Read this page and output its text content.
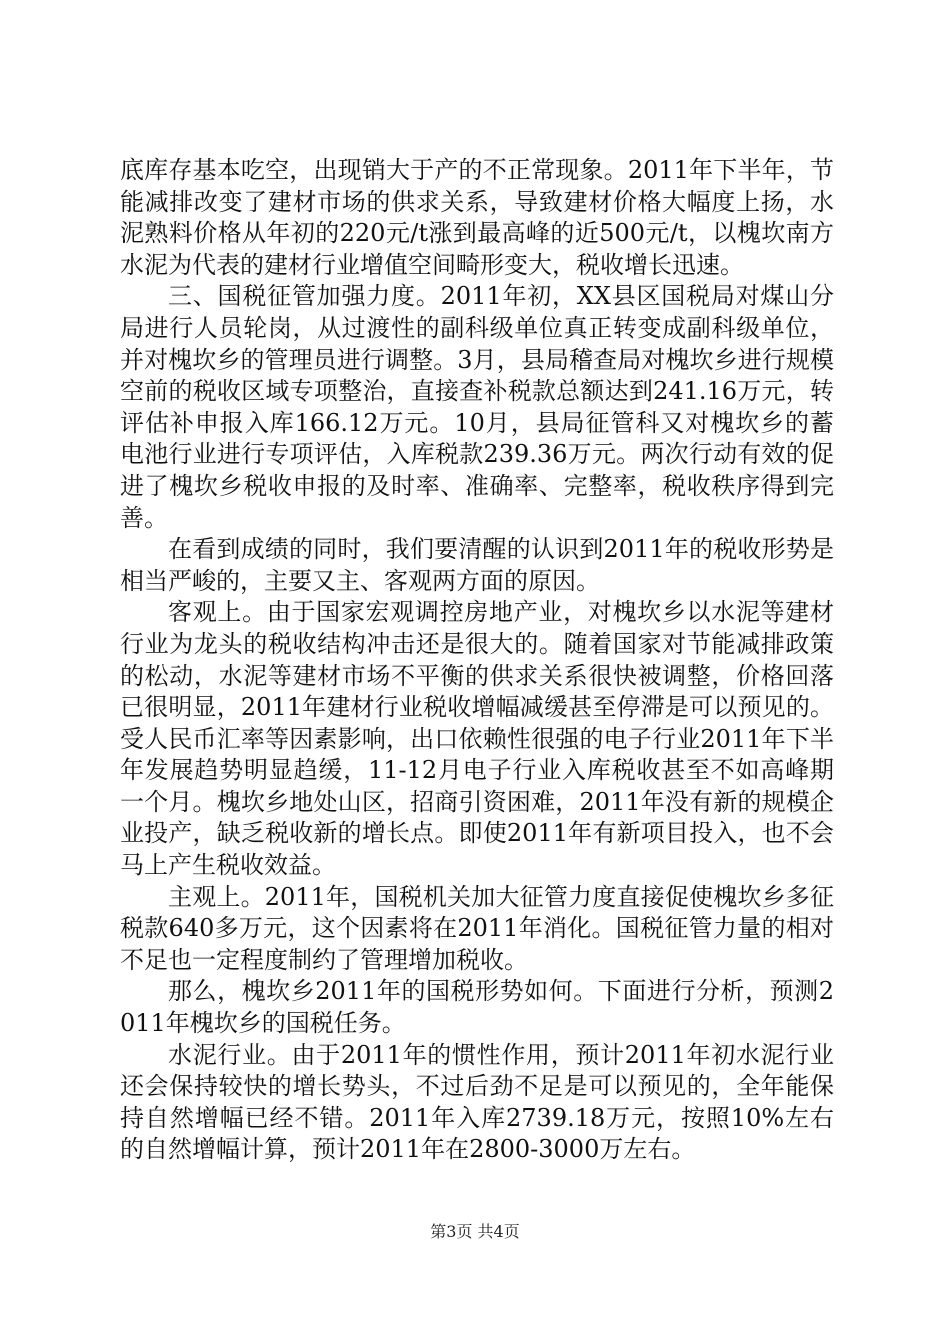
底库存基本吃空，出现销大于产的不正常现象。2011年下半年，节能减排改变了建材市场的供求关系，导致建材价格大幅度上扬，水泥熟料价格从年初的220元/t涨到最高峰的近500元/t，以槐坎南方水泥为代表的建材行业增值空间畸形变大，税收增长迅速。

三、国税征管加强力度。2011年初，XX县区国税局对煤山分局进行人员轮岗，从过渡性的副科级单位真正转变成副科级单位，并对槐坎乡的管理员进行调整。3月，县局稽查局对槐坎乡进行规模空前的税收区域专项整治，直接查补税款总额达到241.16万元，转评估补申报入库166.12万元。10月，县局征管科又对槐坎乡的蓄电池行业进行专项评估，入库税款239.36万元。两次行动有效的促进了槐坎乡税收申报的及时率、准确率、完整率，税收秩序得到完善。

在看到成绩的同时，我们要清醒的认识到2011年的税收形势是相当严峻的，主要又主、客观两方面的原因。

客观上。由于国家宏观调控房地产业，对槐坎乡以水泥等建材行业为龙头的税收结构冲击还是很大的。随着国家对节能减排政策的松动，水泥等建材市场不平衡的供求关系很快被调整，价格回落已很明显，2011年建材行业税收增幅减缓甚至停滞是可以预见的。受人民币汇率等因素影响，出口依赖性很强的电子行业2011年下半年发展趋势明显趋缓，11-12月电子行业入库税收甚至不如高峰期一个月。槐坎乡地处山区，招商引资困难，2011年没有新的规模企业投产，缺乏税收新的增长点。即使2011年有新项目投入，也不会马上产生税收效益。

主观上。2011年，国税机关加大征管力度直接促使槐坎乡多征税款640多万元，这个因素将在2011年消化。国税征管力量的相对不足也一定程度制约了管理增加税收。

那么，槐坎乡2011年的国税形势如何。下面进行分析，预测2011年槐坎乡的国税任务。

水泥行业。由于2011年的惯性作用，预计2011年初水泥行业还会保持较快的增长势头，不过后劲不足是可以预见的，全年能保持自然增幅已经不错。2011年入库2739.18万元，按照10%左右的自然增幅计算，预计2011年在2800-3000万左右。

第3页 共4页
